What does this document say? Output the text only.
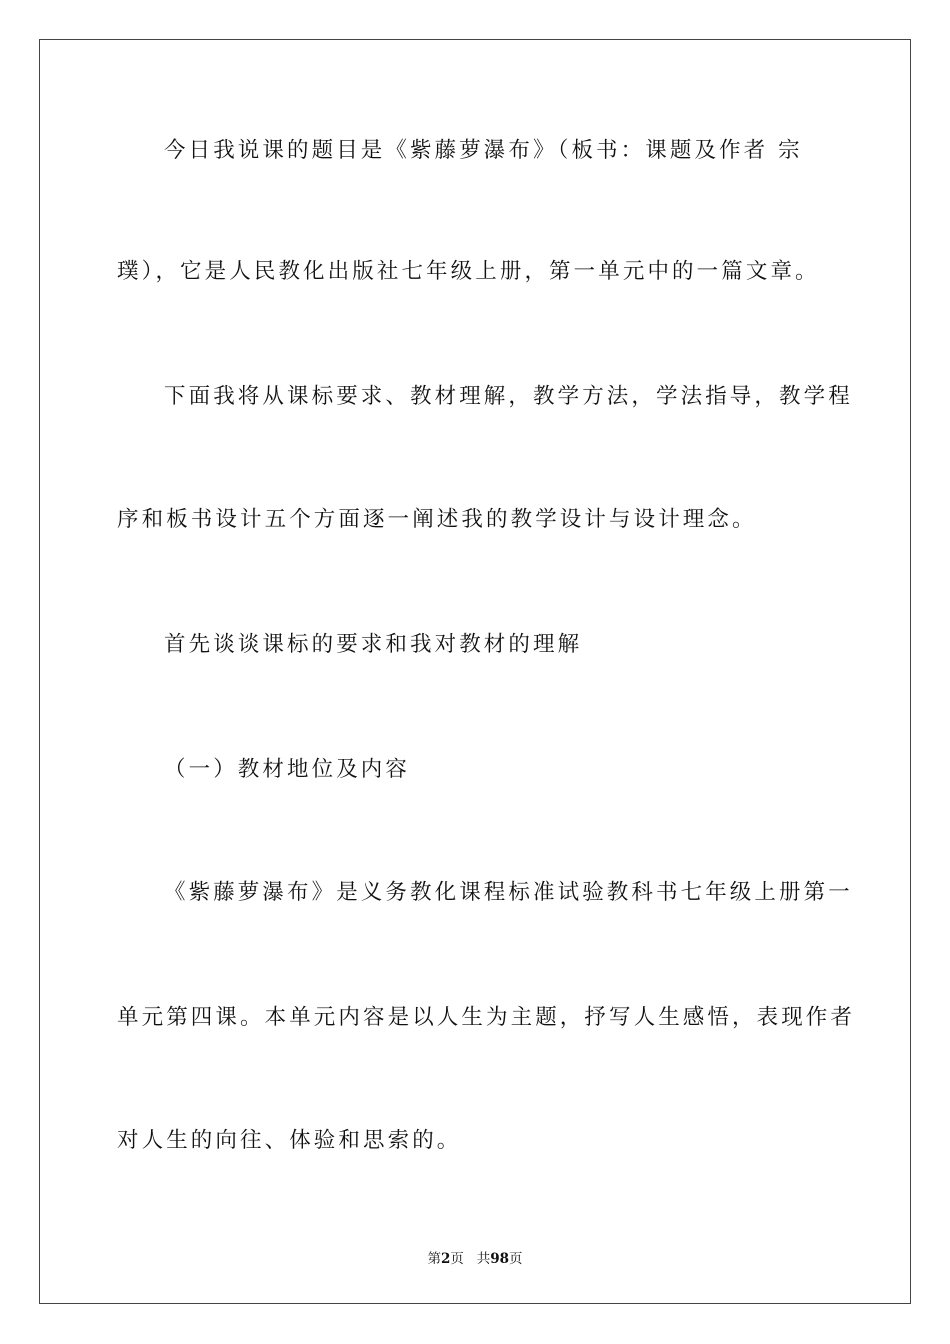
今日我说课的题目是《紫藤萝瀑布》（板书：课题及作者 宗
璞），它是人民教化出版社七年级上册，第一单元中的一篇文章。
下面我将从课标要求、教材理解，教学方法，学法指导，教学程
序和板书设计五个方面逐一阐述我的教学设计与设计理念。
首先谈谈课标的要求和我对教材的理解
（一）教材地位及内容
《紫藤萝瀑布》是义务教化课程标准试验教科书七年级上册第一
单元第四课。本单元内容是以人生为主题，抒写人生感悟，表现作者
对人生的向往、体验和思索的。
第2页 共98页
